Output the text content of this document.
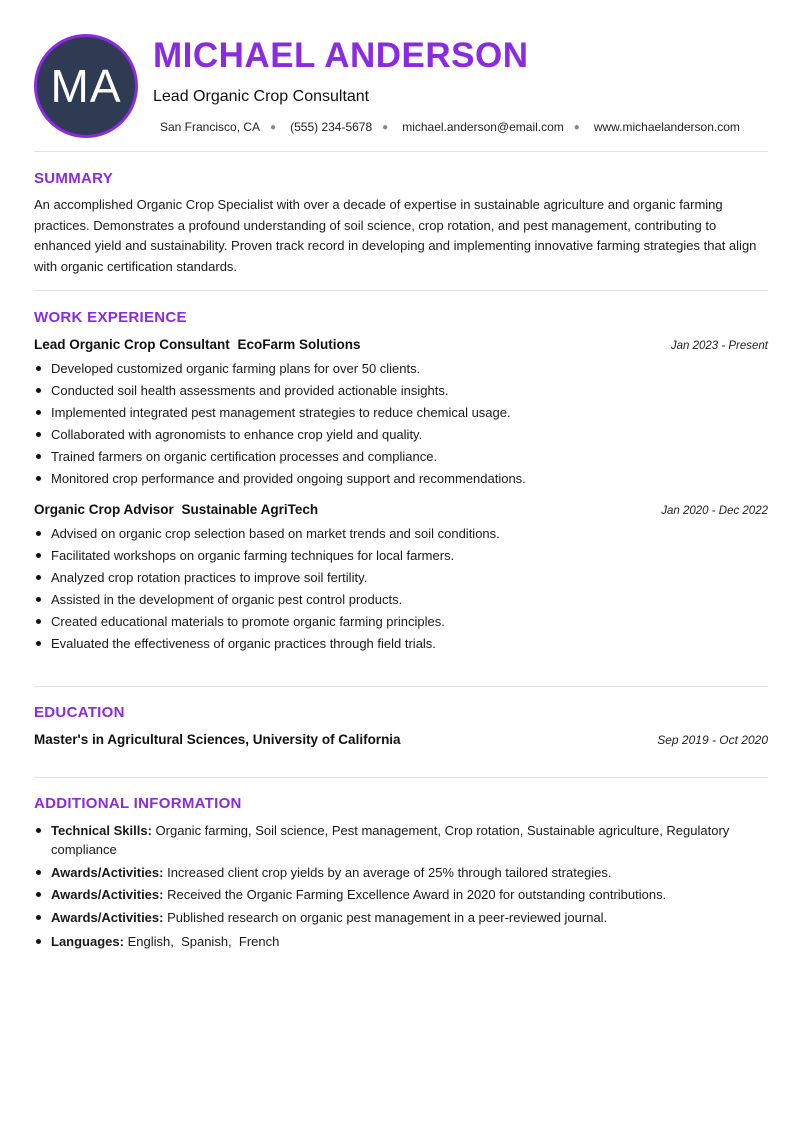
MA
MICHAEL ANDERSON
Lead Organic Crop Consultant
San Francisco, CA ● (555) 234-5678 ● michael.anderson@email.com ● www.michaelanderson.com
SUMMARY
An accomplished Organic Crop Specialist with over a decade of expertise in sustainable agriculture and organic farming practices. Demonstrates a profound understanding of soil science, crop rotation, and pest management, contributing to enhanced yield and sustainability. Proven track record in developing and implementing innovative farming strategies that align with organic certification standards.
WORK EXPERIENCE
Lead Organic Crop Consultant EcoFarm Solutions	Jan 2023 - Present
Developed customized organic farming plans for over 50 clients.
Conducted soil health assessments and provided actionable insights.
Implemented integrated pest management strategies to reduce chemical usage.
Collaborated with agronomists to enhance crop yield and quality.
Trained farmers on organic certification processes and compliance.
Monitored crop performance and provided ongoing support and recommendations.
Organic Crop Advisor Sustainable AgriTech	Jan 2020 - Dec 2022
Advised on organic crop selection based on market trends and soil conditions.
Facilitated workshops on organic farming techniques for local farmers.
Analyzed crop rotation practices to improve soil fertility.
Assisted in the development of organic pest control products.
Created educational materials to promote organic farming principles.
Evaluated the effectiveness of organic practices through field trials.
EDUCATION
Master's in Agricultural Sciences, University of California	Sep 2019 - Oct 2020
ADDITIONAL INFORMATION
Technical Skills: Organic farming, Soil science, Pest management, Crop rotation, Sustainable agriculture, Regulatory compliance
Awards/Activities: Increased client crop yields by an average of 25% through tailored strategies.
Awards/Activities: Received the Organic Farming Excellence Award in 2020 for outstanding contributions.
Awards/Activities: Published research on organic pest management in a peer-reviewed journal.
Languages: English,  Spanish,  French
